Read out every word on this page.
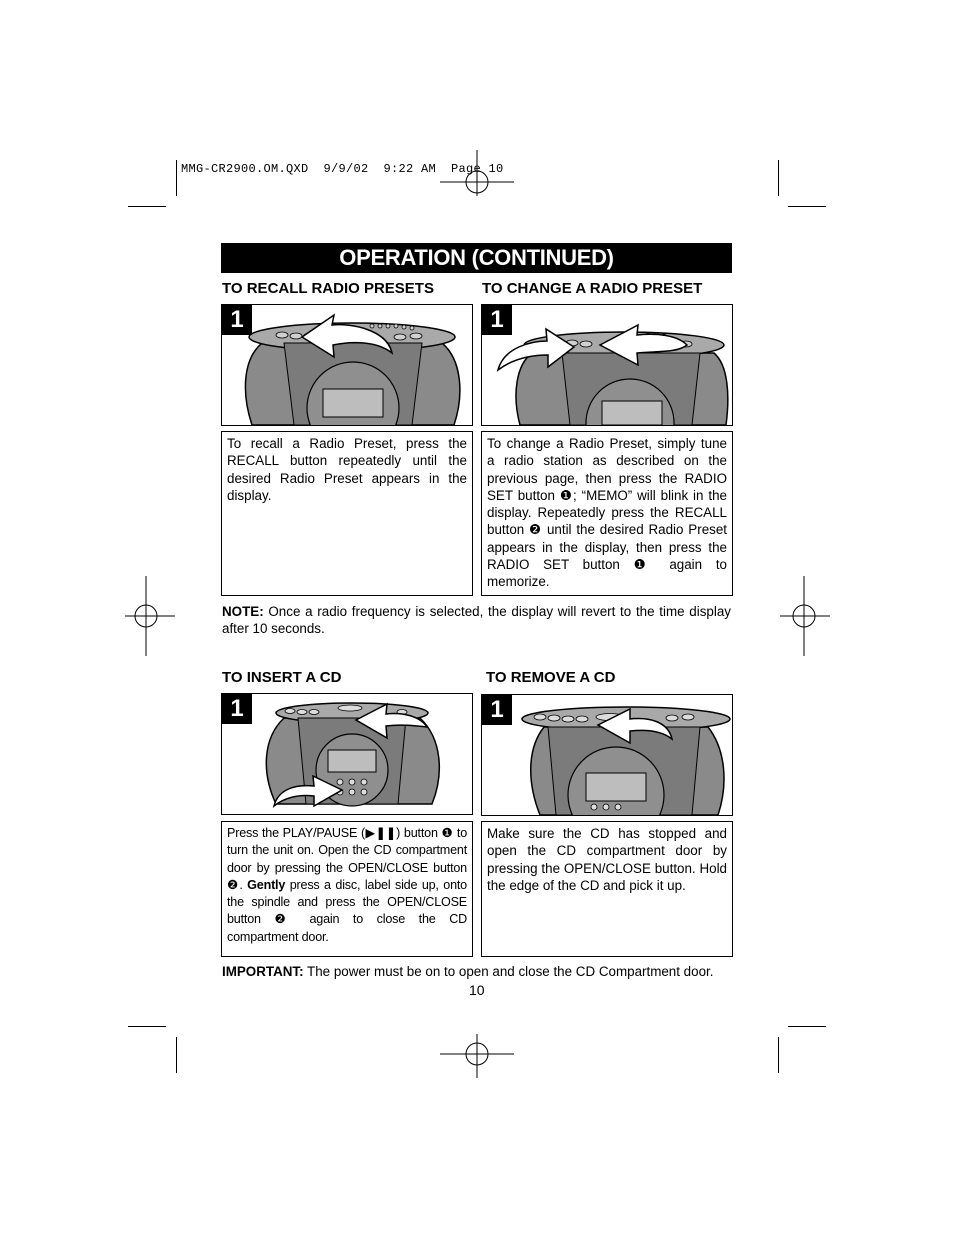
MMG-CR2900.OM.QXD  9/9/02  9:22 AM  Page 10
OPERATION (CONTINUED)
TO RECALL RADIO PRESETS
1
To recall a Radio Preset, press the RECALL button repeatedly until the desired Radio Preset appears in the display.
TO CHANGE A RADIO PRESET
1
To change a Radio Preset, simply tune a radio station as described on the previous page, then press the RADIO SET button ❶; “MEMO” will blink in the display. Repeatedly press the RECALL button ❷ until the desired Radio Preset appears in the display, then press the RADIO SET button ❶ again to memorize.
NOTE: Once a radio frequency is selected, the display will revert to the time display after 10 seconds.
TO INSERT A CD
1
Press the PLAY/PAUSE (▶❚❚) button ❶ to turn the unit on. Open the CD compartment door by pressing the OPEN/CLOSE button ❷. Gently press a disc, label side up, onto the spindle and press the OPEN/CLOSE button ❷ again to close the CD compartment door.
TO REMOVE A CD
1
Make sure the CD has stopped and open the CD compartment door by pressing the OPEN/CLOSE button. Hold the edge of the CD and pick it up.
IMPORTANT: The power must be on to open and close the CD Compartment door.
10
